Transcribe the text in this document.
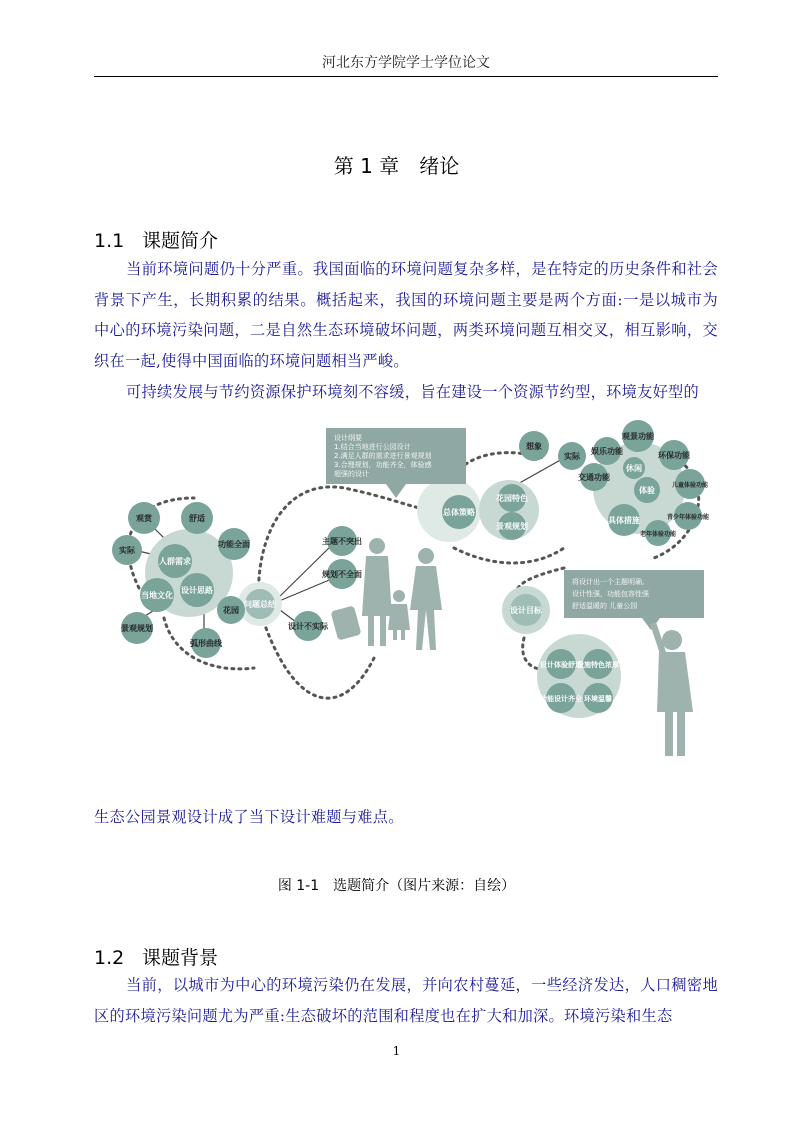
河北东方学院学士学位论文
第 1 章 绪论
1.1 课题简介
当前环境问题仍十分严重。我国面临的环境问题复杂多样，是在特定的历史条件和社会背景下产生，长期积累的结果。概括起来，我国的环境问题主要是两个方面:一是以城市为中心的环境污染问题，二是自然生态环境破坏问题，两类环境问题互相交叉，相互影响，交织在一起,使得中国面临的环境问题相当严峻。
可持续发展与节约资源保护环境刻不容缓，旨在建设一个资源节约型，环境友好型的
观赏	舒适
实际
人群需求
功能全面
当地文化
设计思路
景观规划
花园
弧形曲线
问题总结
主题不突出
规划不全面
设计不实际
总体策略
花园特色
景观规划
想象
实际
娱乐功能
观景功能
环保功能
交通功能
休闲
体验
儿童体验功能
具体措施	青少年体验功能
老年体验功能
设计目标
设计体验舒适
设施特色浓厚
功能设计齐全 环境温馨
设计纲要
1.结合当地进行公园设计
2.满足人群的需求进行景观规划
3.合理规划，功能齐全，体验感
超强的设计
将设计出一个主题明确,
设计性强，功能包容性强
舒适温暖的 儿童公园
生态公园景观设计成了当下设计难题与难点。
图 1-1　选题简介（图片来源：自绘）
1.2 课题背景
当前，以城市为中心的环境污染仍在发展，并向农村蔓延，一些经济发达，人口稠密地区的环境污染问题尤为严重:生态破坏的范围和程度也在扩大和加深。环境污染和生态
1
